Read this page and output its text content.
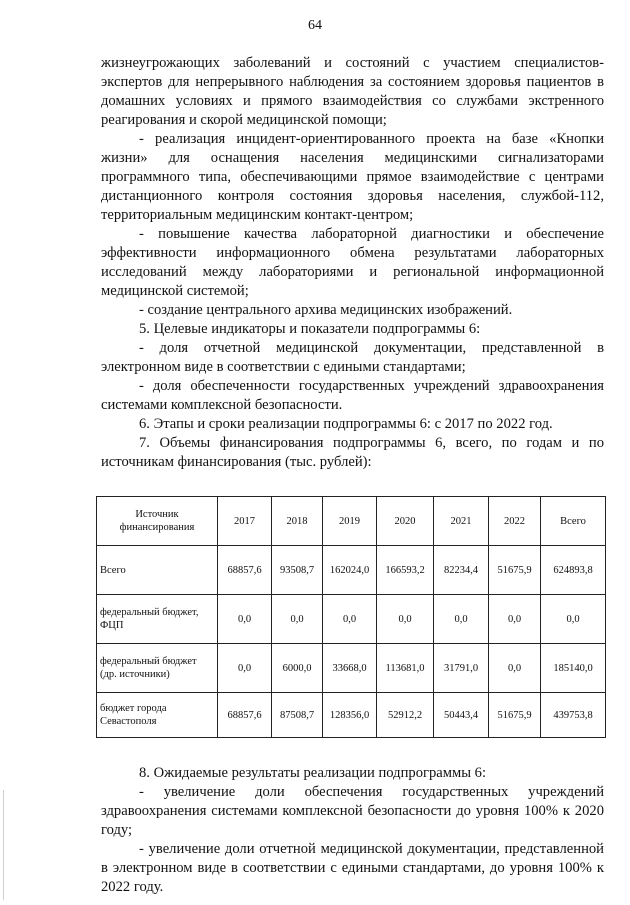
64

жизнеугрожающих заболеваний и состояний с участием специалистов-экспертов для непрерывного наблюдения за состоянием здоровья пациентов в домашних условиях и прямого взаимодействия со службами экстренного реагирования и скорой медицинской помощи;

- реализация инцидент-ориентированного проекта на базе «Кнопки жизни» для оснащения населения медицинскими сигнализаторами программного типа, обеспечивающими прямое взаимодействие с центрами дистанционного контроля состояния здоровья населения, службой-112, территориальным медицинским контакт-центром;

- повышение качества лабораторной диагностики и обеспечение эффективности информационного обмена результатами лабораторных исследований между лабораториями и региональной информационной медицинской системой;

- создание центрального архива медицинских изображений.

5. Целевые индикаторы и показатели подпрограммы 6:

- доля отчетной медицинской документации, представленной в электронном виде в соответствии с едиными стандартами;

- доля обеспеченности государственных учреждений здравоохранения системами комплексной безопасности.

6. Этапы и сроки реализации подпрограммы 6: с 2017 по 2022 год.

7. Объемы финансирования подпрограммы 6, всего, по годам и по источникам финансирования (тыс. рублей):

Источник финансирования	2017	2018	2019	2020	2021	2022	Всего
Всего	68857,6	93508,7	162024,0	166593,2	82234,4	51675,9	624893,8
федеральный бюджет, ФЦП	0,0	0,0	0,0	0,0	0,0	0,0	0,0
федеральный бюджет (др. источники)	0,0	6000,0	33668,0	113681,0	31791,0	0,0	185140,0
бюджет города Севастополя	68857,6	87508,7	128356,0	52912,2	50443,4	51675,9	439753,8

8. Ожидаемые результаты реализации подпрограммы 6:

- увеличение доли обеспечения государственных учреждений здравоохранения системами комплексной безопасности до уровня 100% к 2020 году;

- увеличение доли отчетной медицинской документации, представленной в электронном виде в соответствии с едиными стандартами, до уровня 100% к 2022 году.
